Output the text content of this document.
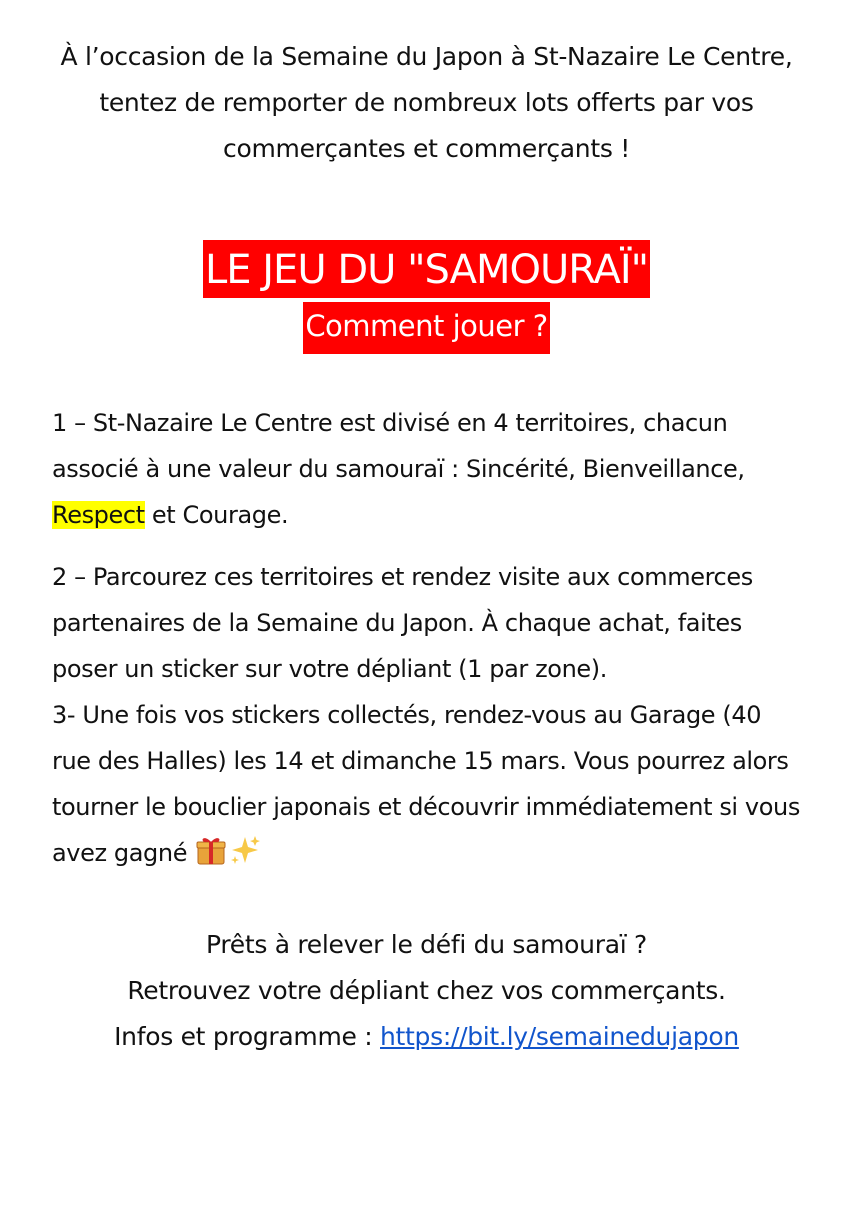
À l’occasion de la Semaine du Japon à St-Nazaire Le Centre,
tentez de remporter de nombreux lots offerts par vos
commerçantes et commerçants !
LE JEU DU "SAMOURAÏ"
Comment jouer ?
1 – St-Nazaire Le Centre est divisé en 4 territoires, chacun
associé à une valeur du samouraï : Sincérité, Bienveillance,
Respect et Courage.
2 – Parcourez ces territoires et rendez visite aux commerces
partenaires de la Semaine du Japon. À chaque achat, faites
poser un sticker sur votre dépliant (1 par zone).
3- Une fois vos stickers collectés, rendez-vous au Garage (40
rue des Halles) les 14 et dimanche 15 mars. Vous pourrez alors
tourner le bouclier japonais et découvrir immédiatement si vous
avez gagné
Prêts à relever le défi du samouraï ?
Retrouvez votre dépliant chez vos commerçants.
Infos et programme : https://bit.ly/semainedujapon
